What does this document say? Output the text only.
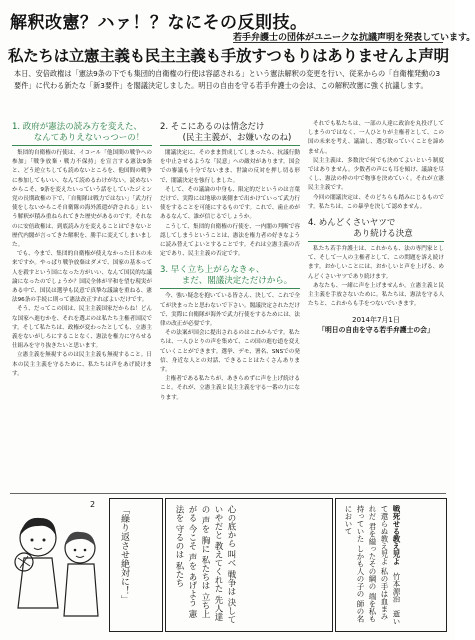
解釈改憲？ハァ！？なにその反則技。
若手弁護士の団体がユニークな抗議声明を発表しています。
私たちは立憲主義も民主主義も手放すつもりはありませんよ声明
本日、安倍政権は「憲法9条の下でも集団的自衛権の行使は容認される」という憲法解釈の変更を行い、従来からの「自衛権発動の3要件」に代わる新たな「新3要件」を閣議決定しました。明日の自由を守る若手弁護士の会は、この解釈改憲に強く抗議します。
1. 政府が憲法の読み方を変えた、
なんてありえないっつーの！

集団的自衛権の行使は、イコール「他国間の戦争への参加」「戦争放棄・戦力不保持」を宣言する憲法9条と、どう逆立ちしても読めないところを、他国間の戦争に参加してもいい、なんて読めるわけがない。読めないからこそ、9条を変えたいっていう話をしていたジミン党の長期政権の下で、「自衛隊は戦力ではない」「武力行使をしないからこそ自衛隊の海外派遣が許される」という解釈が積み重ねられてきた歴史があるのです。それなのに安倍政権は、到底読み方を変えることはできないと歴代内閣が言ってきた解釈を、勝手に変えてしまいました。

でも、今まで、集団的自衛権が使えなかった日本の未来ですか。やっぱり戦争放棄はダメで、国家の基本って人を殺すという国になった方がいい、なんて国民的な議論になったのでしょうか？国民全体が平和を望む現実がある中で、国民は選挙も民意で真摯な議論を重ねる、憲法96条の手続に則って憲法改正すればよいだけです。

そう、だってこの国は、民主主義国家だからね！どんな国家へ進むかを、それを選ぶのは私たち主権者国民です。そして私たちは、政権が変わったとしても、立憲主義をないがしろにすることなく、憲法を権力に守らせる仕組みを守り抜きたいと思います。

立憲主義を無視するのは民主主義も無視すること。日本の民主主義を守るために、私たちは声をあげ続けます。

2. そこにあるのは情念だけ
(民主主義が、お嫌いなのね)

閣議決定に、そのまま賛成してしまったら、抗議行動を中止させるような「民意」への敵対があります。国会での審議も十分でないまま、世論の反対を押し切る形で、閣議決定を強行しました。

そして、その議論の中身も、限定的だというのは言葉だけで、実際には地球の裏側まで出かけていって武力行使をすることを可能にするものです。これで、歯止めがあるなんて、誰が信じるでしょうか。

こうして、集団的自衛権の行使を、一内閣の判断で容認してしまうということは、憲法を権力者の好きなように読み替えてよいとすることです。それは立憲主義の否定であり、民主主義の否定です。

3. 早く立ち上がらなきゃ、
まだ、閣議決定ただけから。

今、強い疑念を抱いている皆さん、決して、これで全てが決まったと思わないで下さい。閣議決定されただけで、実際に自衛隊が海外で武力行使をするためには、法律の改正が必要です。

その法案が国会に提出されるのはこれからです。私たちは、一人ひとりの声を集めて、この国の進む道を変えていくことができます。選挙、デモ、署名、SNSでの発信、身近な人との対話、できることはたくさんあります。

主権者である私たちが、あきらめずに声を上げ続けること。それが、立憲主義と民主主義を守る一番の力になります。

それでも私たちは、一部の人達に政治を丸投げしてしまうのではなく、一人ひとりが主権者として、この国の未来を考え、議論し、選び取っていくことを諦めません。

民主主義は、多数決で何でも決めてよいという制度ではありません。少数者の声にも耳を傾け、議論を尽くし、憲法の枠の中で物事を決めていく。それが立憲民主主義です。

今回の閣議決定は、そのどちらも踏みにじるものです。私たちは、この暴挙を決して認めません。

4. めんどくさいヤツで
あり続ける決意

私たち若手弁護士は、これからも、法の専門家として、そして一人の主権者として、この問題を訴え続けます。おかしいことには、おかしいと声を上げる、めんどくさいヤツであり続けます。

あなたも、一緒に声を上げませんか。立憲主義と民主主義を手放さないために。私たちは、憲法を守る人たちと、これからも手をつないでいきます。

2014年7月1日
「明日の自由を守る若手弁護士の会」
2
「繰り返させ絶対に！」	心の底から 叫べ 戦争は 決して いやだと 教えてくれた 先人達の 声を 胸に 私たちは 立ち上がる 今こそ 声を あげよう 憲法を 守るのは 私たち	戦死せる教え児よ　竹本源治　逝いて還らぬ教え児よ 私の手は血まみれだ 君を縊ったその綱の 端を私も持っていた しかも人の子の 師の名において
